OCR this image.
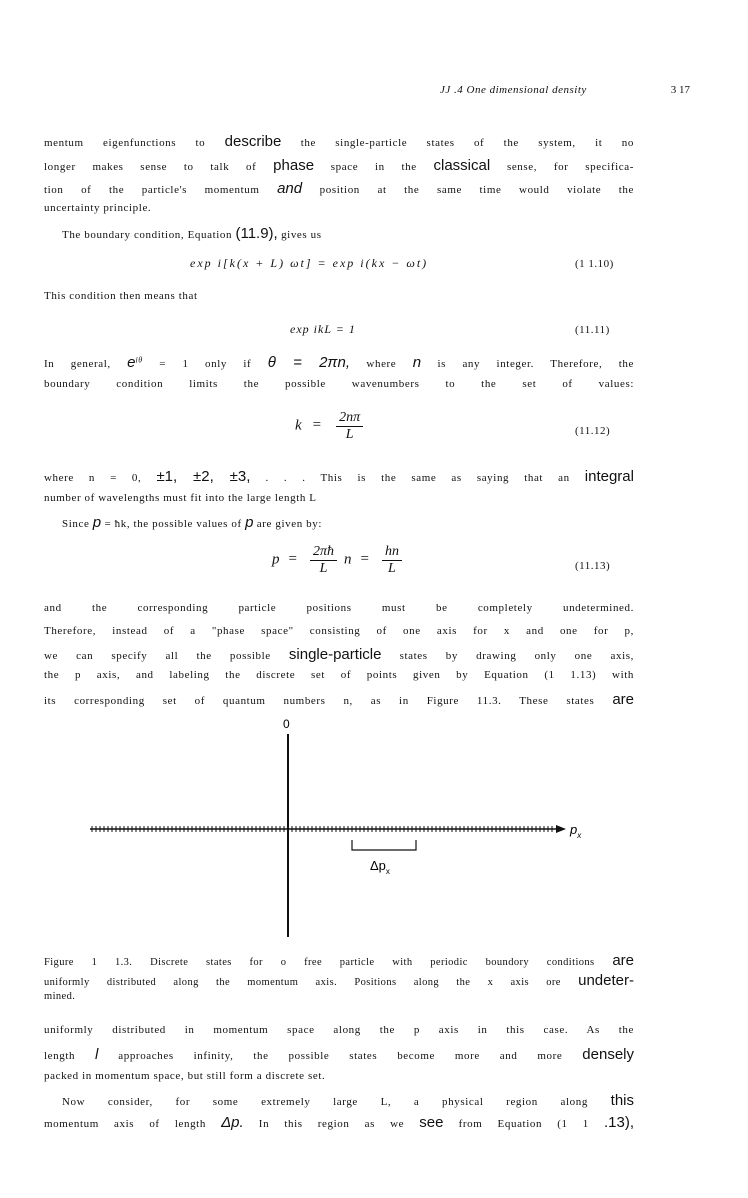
JJ .4 One dimensional density	3 17
mentum eigenfunctions to describe the single-particle states of the system, it no
longer makes sense to talk of phase space in the classical sense, for specifica-
tion of the particle's momentum and position at the same time would violate the
uncertainty principle.
The boundary condition, Equation (11.9), gives us
exp i[k(x + L) ωt] = exp i(kx − ωt)	(1 1.10)
This condition then means that
exp ikL = 1	(11.11)
In general, $e^{i\theta} = 1$ only if θ = 2πn, where n is any integer. Therefore, the
boundary condition limits the possible wavenumbers to the set of values:
$k = \frac{2n\pi}{L}$	(11.12)
where n = 0, ±1, ±2, ±3, . . . This is the same as saying that an integral
number of wavelengths must fit into the large length L
Since p = ħk, the possible values of p are given by:
$p = \frac{2\pi ħ}{L}$ $n = \frac{hn}{L}$	(11.13)
and the corresponding particle positions must be completely undetermined.
Therefore, instead of a "phase space" consisting of one axis for x and one for p,
we can specify all the possible single-particle states by drawing only one axis,
the p axis, and labeling the discrete set of points given by Equation (1 1.13) with
its corresponding set of quantum numbers n, as in Figure 11.3. These states are
0
$p_x$
$\Delta p_x$
Figure 1 1.3. Discrete states for o free particle with periodic boundory conditions are
uniformly distributed along the momentum axis. Positions along the x axis ore undeter-
mined.
uniformly distributed in momentum space along the p axis in this case. As the
length l approaches infinity, the possible states become more and more densely
packed in momentum space, but still form a discrete set.
Now consider, for some extremely large L, a physical region along this
momentum axis of length Δp. In this region as we see from Equation (1 1 .13),
